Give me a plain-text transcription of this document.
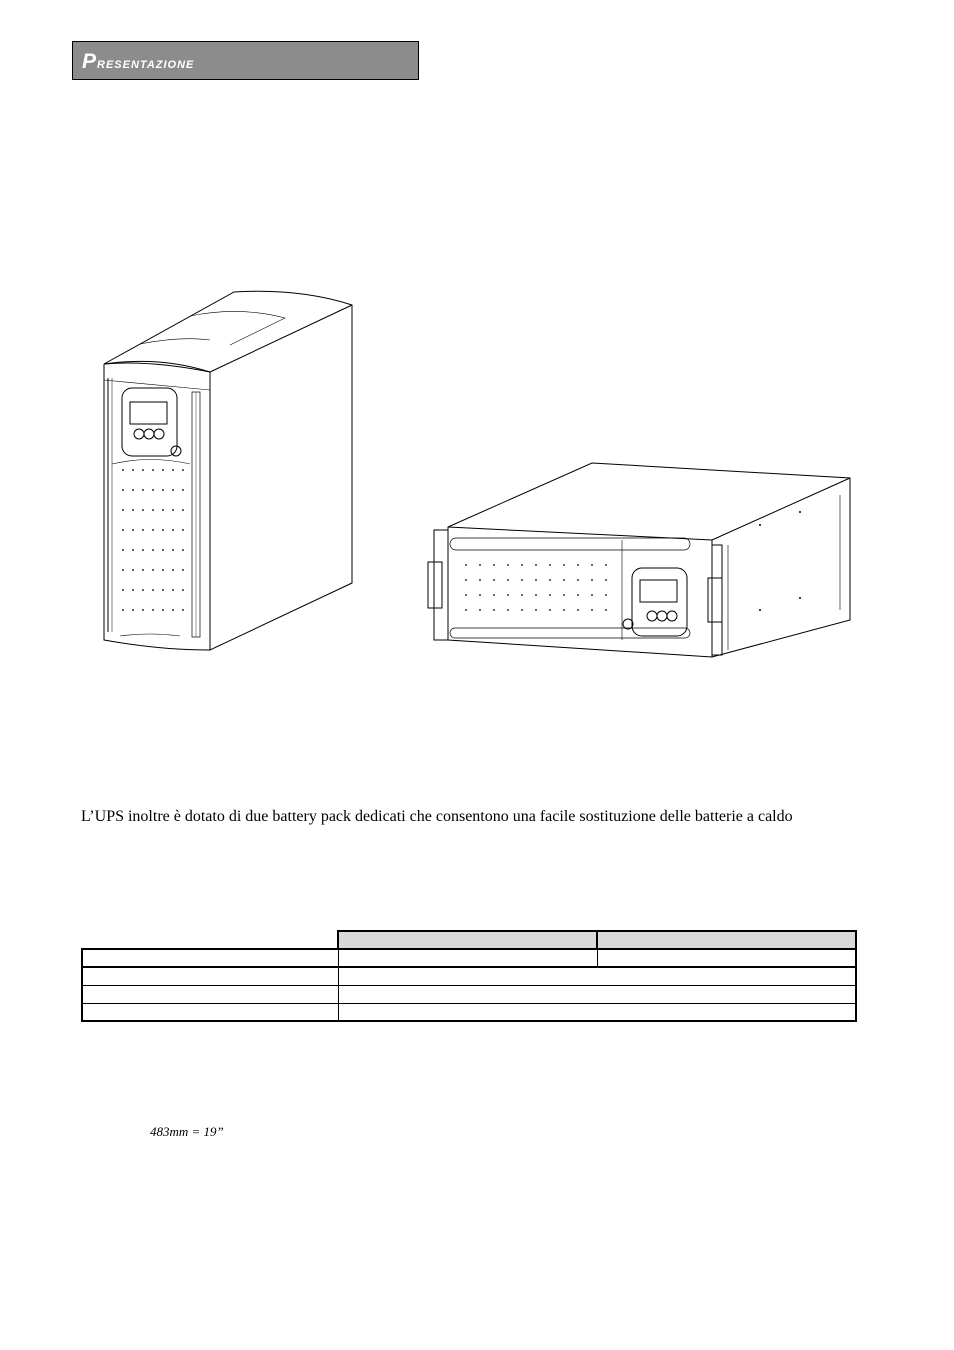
Presentazione
L’UPS inoltre è dotato di due battery pack dedicati che consentono una facile sostituzione delle batterie a caldo

483mm = 19”
